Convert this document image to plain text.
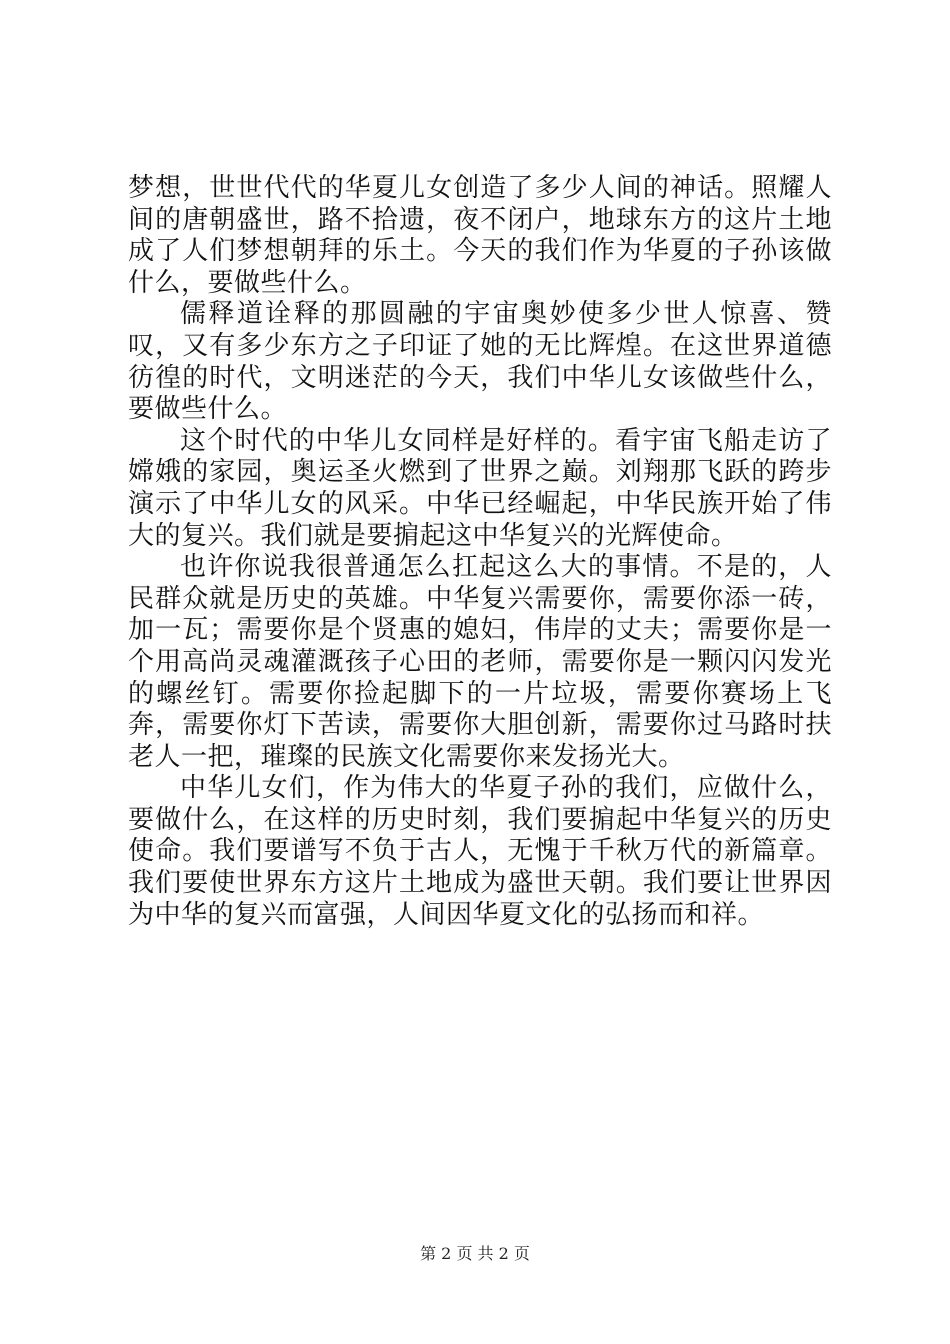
梦想，世世代代的华夏儿女创造了多少人间的神话。照耀人间的唐朝盛世，路不拾遗，夜不闭户，地球东方的这片土地成了人们梦想朝拜的乐土。今天的我们作为华夏的子孙该做什么，要做些什么。

儒释道诠释的那圆融的宇宙奥妙使多少世人惊喜、赞叹，又有多少东方之子印证了她的无比辉煌。在这世界道德彷徨的时代，文明迷茫的今天，我们中华儿女该做些什么，要做些什么。

这个时代的中华儿女同样是好样的。看宇宙飞船走访了嫦娥的家园，奥运圣火燃到了世界之巅。刘翔那飞跃的跨步演示了中华儿女的风采。中华已经崛起，中华民族开始了伟大的复兴。我们就是要掮起这中华复兴的光辉使命。

也许你说我很普通怎么扛起这么大的事情。不是的，人民群众就是历史的英雄。中华复兴需要你，需要你添一砖，加一瓦；需要你是个贤惠的媳妇，伟岸的丈夫；需要你是一个用高尚灵魂灌溉孩子心田的老师，需要你是一颗闪闪发光的螺丝钉。需要你捡起脚下的一片垃圾，需要你赛场上飞奔，需要你灯下苦读，需要你大胆创新，需要你过马路时扶老人一把，璀璨的民族文化需要你来发扬光大。

中华儿女们，作为伟大的华夏子孙的我们，应做什么，要做什么，在这样的历史时刻，我们要掮起中华复兴的历史使命。我们要谱写不负于古人，无愧于千秋万代的新篇章。我们要使世界东方这片土地成为盛世天朝。我们要让世界因为中华的复兴而富强，人间因华夏文化的弘扬而和祥。

第 2 页 共 2 页
